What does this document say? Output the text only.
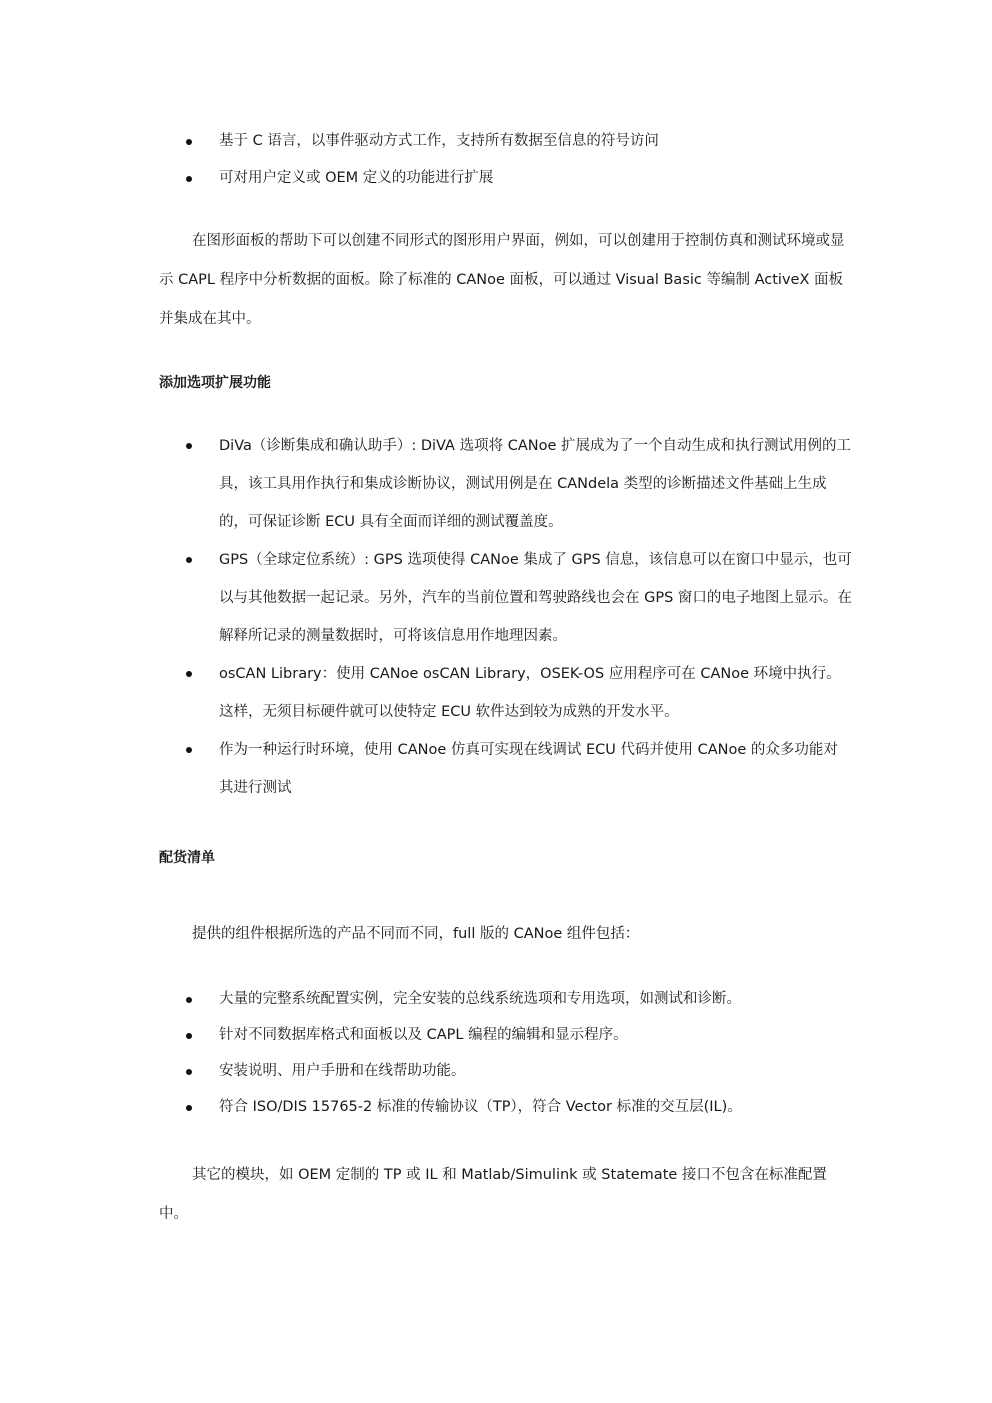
基于 C 语言，以事件驱动方式工作，支持所有数据至信息的符号访问
可对用户定义或 OEM 定义的功能进行扩展

在图形面板的帮助下可以创建不同形式的图形用户界面，例如，可以创建用于控制仿真和测试环境或显示 CAPL 程序中分析数据的面板。除了标准的 CANoe 面板，可以通过 Visual Basic 等编制 ActiveX 面板并集成在其中。

添加选项扩展功能
DiVa（诊断集成和确认助手）: DiVA 选项将 CANoe 扩展成为了一个自动生成和执行测试用例的工具，该工具用作执行和集成诊断协议，测试用例是在 CANdela 类型的诊断描述文件基础上生成的，可保证诊断 ECU 具有全面而详细的测试覆盖度。
GPS（全球定位系统）: GPS 选项使得 CANoe 集成了 GPS 信息，该信息可以在窗口中显示，也可以与其他数据一起记录。另外，汽车的当前位置和驾驶路线也会在 GPS 窗口的电子地图上显示。在解释所记录的测量数据时，可将该信息用作地理因素。
osCAN Library：使用 CANoe osCAN Library，OSEK-OS 应用程序可在 CANoe 环境中执行。这样，无须目标硬件就可以使特定 ECU 软件达到较为成熟的开发水平。
作为一种运行时环境，使用 CANoe 仿真可实现在线调试 ECU 代码并使用 CANoe 的众多功能对其进行测试
配货清单

提供的组件根据所选的产品不同而不同，full 版的 CANoe 组件包括：

大量的完整系统配置实例，完全安装的总线系统选项和专用选项，如测试和诊断。
针对不同数据库格式和面板以及 CAPL 编程的编辑和显示程序。
安装说明、用户手册和在线帮助功能。
符合 ISO/DIS 15765-2 标准的传输协议（TP），符合 Vector 标准的交互层(IL)。

其它的模块，如 OEM 定制的 TP 或 IL 和 Matlab/Simulink 或 Statemate 接口不包含在标准配置中。
